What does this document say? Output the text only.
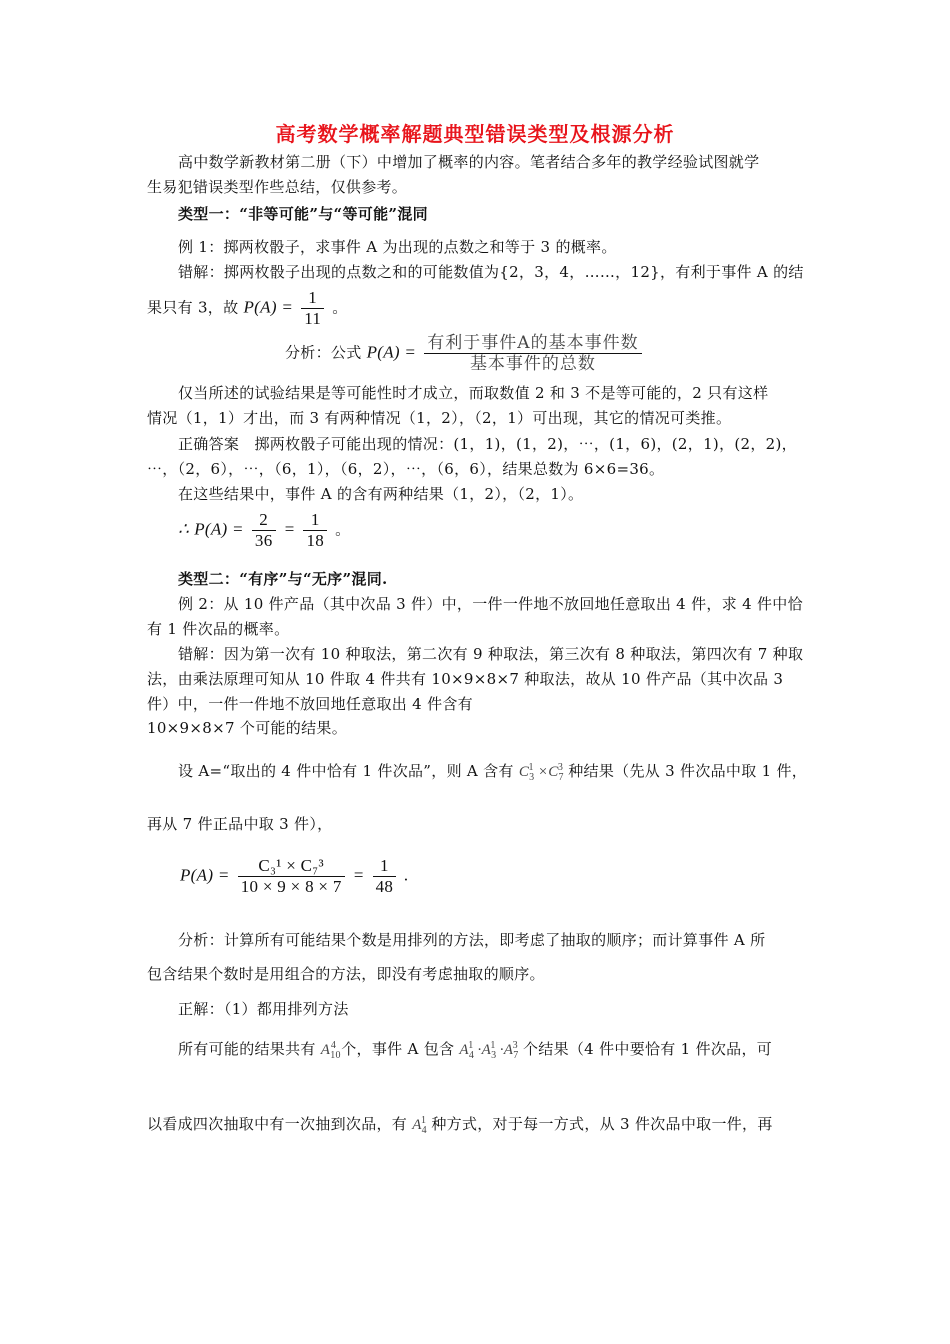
高考数学概率解题典型错误类型及根源分析
高中数学新教材第二册（下）中增加了概率的内容。笔者结合多年的教学经验试图就学
生易犯错误类型作些总结，仅供参考。
类型一：“非等可能”与“等可能”混同
例 1：掷两枚骰子，求事件 A 为出现的点数之和等于 3 的概率。
错解：掷两枚骰子出现的点数之和的可能数值为{2，3，4，……，12}，有利于事件 A 的结
果只有 3，故 $P(A) = \frac{1}{11}$ 。
分析：公式 $P(A) = \frac{\text{有利于事件A的基本事件数}}{\text{基本事件的总数}}$
仅当所述的试验结果是等可能性时才成立，而取数值 2 和 3 不是等可能的，2 只有这样
情况（1，1）才出，而 3 有两种情况（1，2），（2，1）可出现，其它的情况可类推。
正确答案　掷两枚骰子可能出现的情况：(1，1)，(1，2)，⋯，(1，6)，(2，1)，(2，2)，
⋯，（2，6），⋯，（6，1），（6，2），⋯，（6，6），结果总数为 6×6=36。
在这些结果中，事件 A 的含有两种结果（1，2），（2，1）。
∴ $P(A) = \frac{2}{36} = \frac{1}{18}$ 。
类型二：“有序”与“无序”混同.
例 2：从 10 件产品（其中次品 3 件）中，一件一件地不放回地任意取出 4 件，求 4 件中恰
有 1 件次品的概率。
错解：因为第一次有 10 种取法，第二次有 9 种取法，第三次有 8 种取法，第四次有 7 种取
法，由乘法原理可知从 10 件取 4 件共有 10×9×8×7 种取法，故从 10 件产品（其中次品 3
件）中，一件一件地不放回地任意取出 4 件含有
10×9×8×7 个可能的结果。
设 A=“取出的 4 件中恰有 1 件次品”，则 A 含有 $C_3^1 \times C_7^3$ 种结果（先从 3 件次品中取 1 件，
再从 7 件正品中取 3 件），
$P(A) = \frac{\text{C₃¹ × C₇³}}{10 \times 9 \times 8 \times 7} = \frac{1}{48}$ .
分析：计算所有可能结果个数是用排列的方法，即考虑了抽取的顺序；而计算事件 A 所
包含结果个数时是用组合的方法，即没有考虑抽取的顺序。
正解：（1）都用排列方法
所有可能的结果共有 $A_{10}^4$ 个，事件 A 包含 $A_4^1 \cdot A_3^1 \cdot A_7^3$ 个结果（4 件中要恰有 1 件次品，可
以看成四次抽取中有一次抽到次品，有 $A_4^1$ 种方式，对于每一方式，从 3 件次品中取一件，再
